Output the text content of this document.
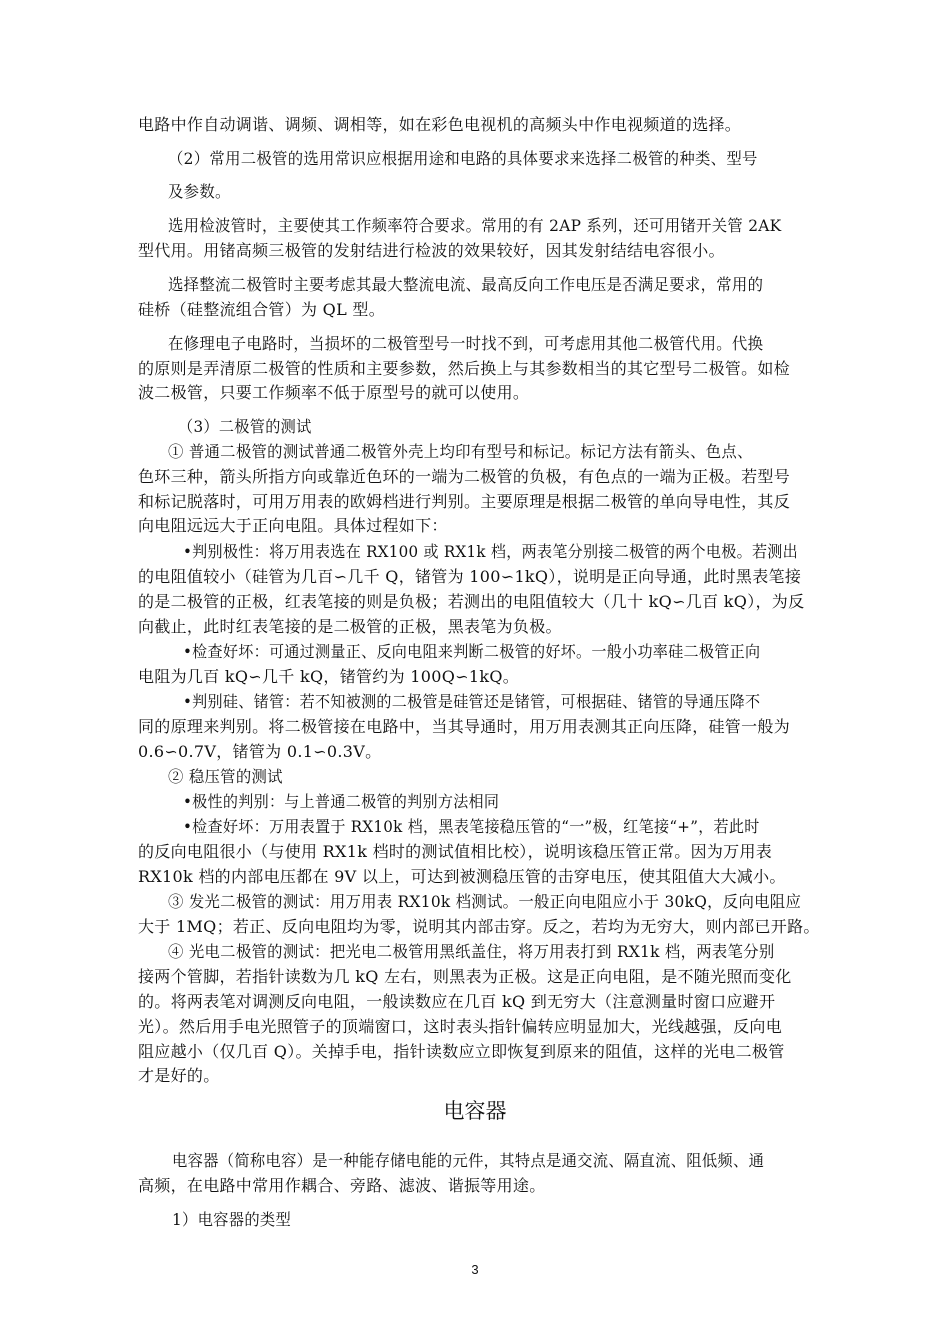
电路中作自动调谐、调频、调相等，如在彩色电视机的高频头中作电视频道的选择。

（2）常用二极管的选用常识应根据用途和电路的具体要求来选择二极管的种类、型号

及参数。

选用检波管时，主要使其工作频率符合要求。常用的有 2AP 系列，还可用锗开关管 2AK

型代用。用锗高频三极管的发射结进行检波的效果较好，因其发射结结电容很小。

选择整流二极管时主要考虑其最大整流电流、最高反向工作电压是否满足要求，常用的

硅桥（硅整流组合管）为 QL 型。

在修理电子电路时，当损坏的二极管型号一时找不到，可考虑用其他二极管代用。代换

的原则是弄清原二极管的性质和主要参数，然后换上与其参数相当的其它型号二极管。如检

波二极管，只要工作频率不低于原型号的就可以使用。

（3）二极管的测试

① 普通二极管的测试普通二极管外壳上均印有型号和标记。标记方法有箭头、色点、

色环三种，箭头所指方向或靠近色环的一端为二极管的负极，有色点的一端为正极。若型号

和标记脱落时，可用万用表的欧姆档进行判别。主要原理是根据二极管的单向导电性，其反

向电阻远远大于正向电阻。具体过程如下：

•判别极性：将万用表选在 RX100 或 RX1k 档，两表笔分别接二极管的两个电极。若测出

的电阻值较小（硅管为几百∽几千 Q，锗管为 100∽1kQ），说明是正向导通，此时黑表笔接

的是二极管的正极，红表笔接的则是负极；若测出的电阻值较大（几十 kQ∽几百 kQ），为反

向截止，此时红表笔接的是二极管的正极，黑表笔为负极。

•检查好坏：可通过测量正、反向电阻来判断二极管的好坏。一般小功率硅二极管正向

电阻为几百 kQ∽几千 kQ，锗管约为 100Q∽1kQ。

•判别硅、锗管：若不知被测的二极管是硅管还是锗管，可根据硅、锗管的导通压降不

同的原理来判别。将二极管接在电路中，当其导通时，用万用表测其正向压降，硅管一般为

0.6∽0.7V，锗管为 0.1∽0.3V。

② 稳压管的测试

•极性的判别：与上普通二极管的判别方法相同

•检查好坏：万用表置于 RX10k 档，黑表笔接稳压管的“一”极，红笔接“+”，若此时

的反向电阻很小（与使用 RX1k 档时的测试值相比校），说明该稳压管正常。因为万用表

RX10k 档的内部电压都在 9V 以上，可达到被测稳压管的击穿电压，使其阻值大大减小。

③ 发光二极管的测试：用万用表 RX10k 档测试。一般正向电阻应小于 30kQ，反向电阻应

大于 1MQ；若正、反向电阻均为零，说明其内部击穿。反之，若均为无穷大，则内部已开路。

④ 光电二极管的测试：把光电二极管用黑纸盖住，将万用表打到 RX1k 档，两表笔分别

接两个管脚，若指针读数为几 kQ 左右，则黑表为正极。这是正向电阻，是不随光照而变化

的。将两表笔对调测反向电阻，一般读数应在几百 kQ 到无穷大（注意测量时窗口应避开

光）。然后用手电光照管子的顶端窗口，这时表头指针偏转应明显加大，光线越强，反向电

阻应越小（仅几百 Q）。关掉手电，指针读数应立即恢复到原来的阻值，这样的光电二极管

才是好的。

电容器

电容器（简称电容）是一种能存储电能的元件，其特点是通交流、隔直流、阻低频、通

高频，在电路中常用作耦合、旁路、滤波、谐振等用途。

1）电容器的类型

3
